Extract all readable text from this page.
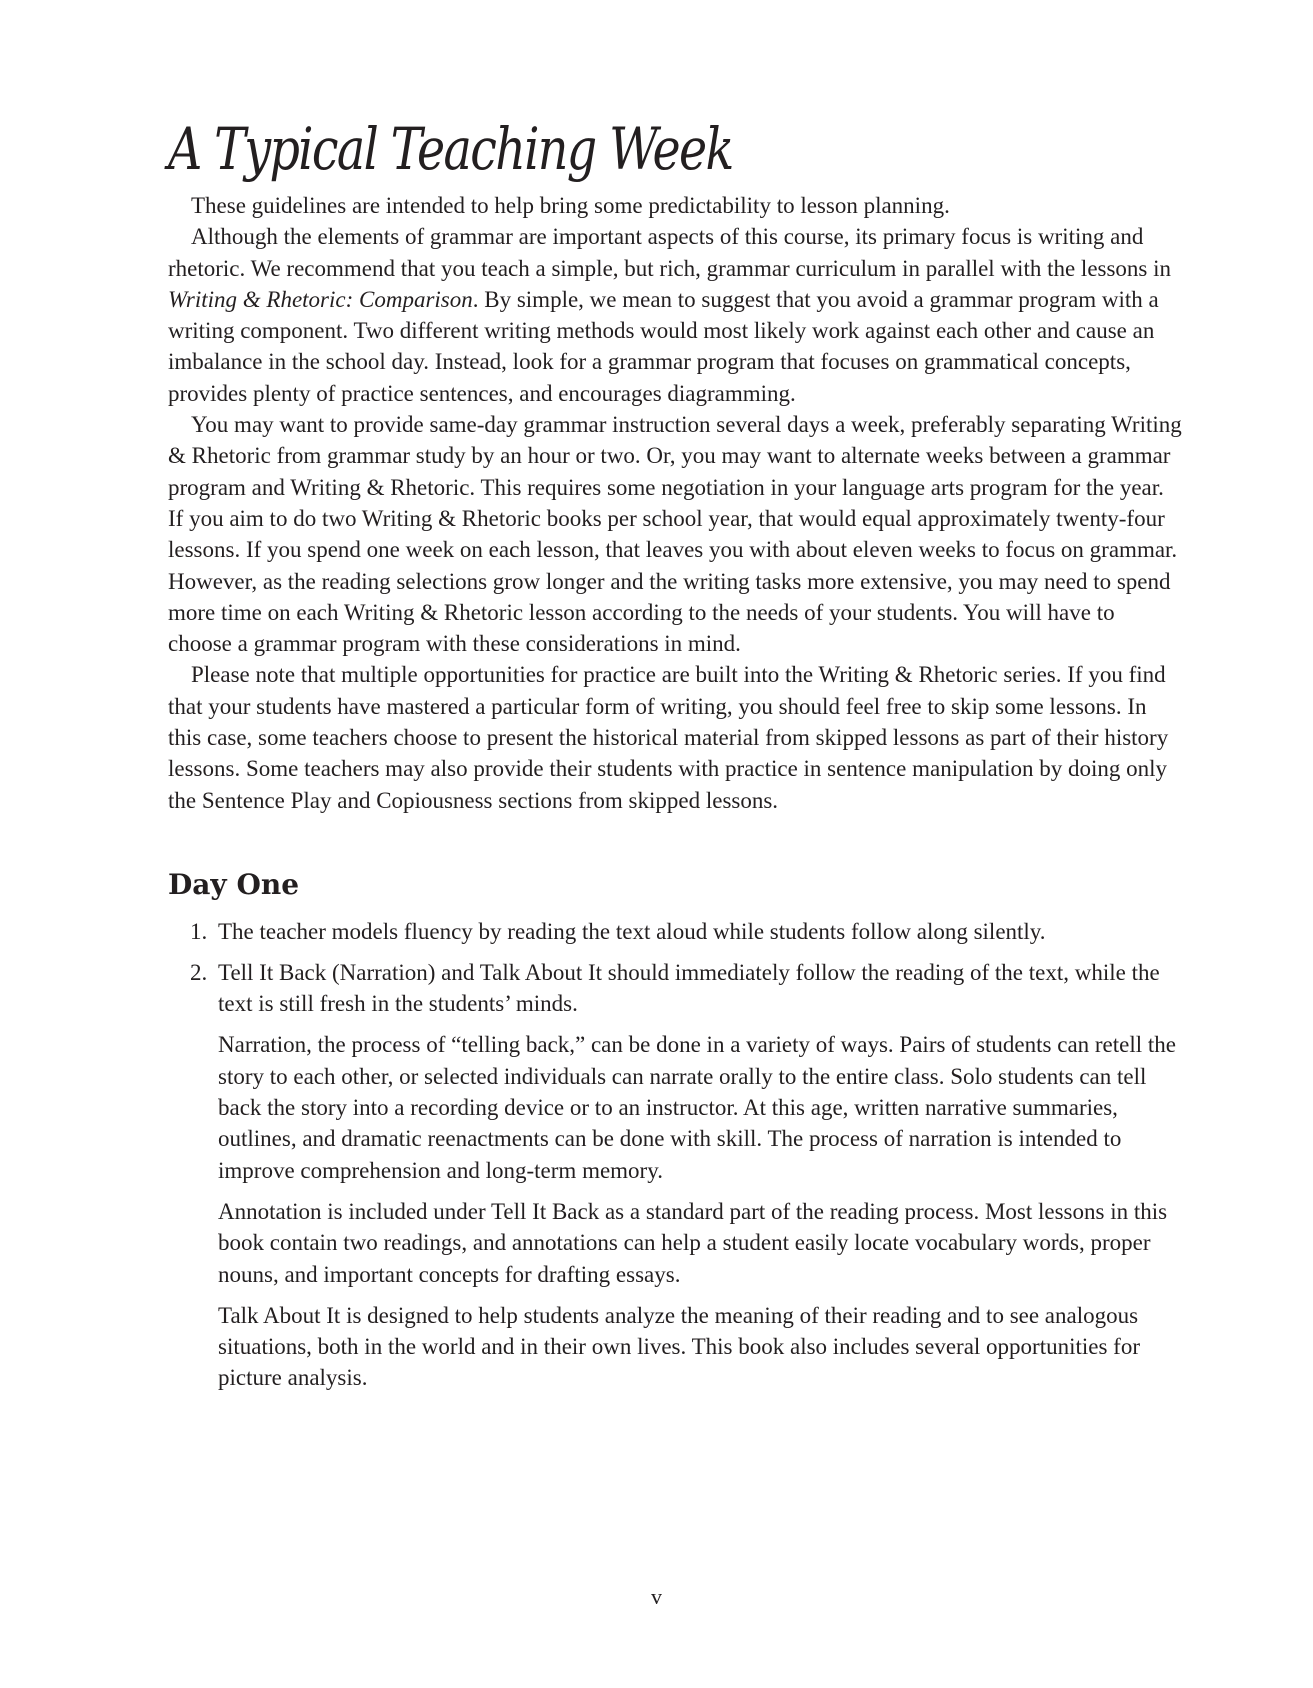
A Typical Teaching Week

These guidelines are intended to help bring some predictability to lesson planning.

Although the elements of grammar are important aspects of this course, its primary focus is writing and rhetoric. We recommend that you teach a simple, but rich, grammar curriculum in parallel with the lessons in Writing & Rhetoric: Comparison. By simple, we mean to suggest that you avoid a grammar program with a writing component. Two different writing methods would most likely work against each other and cause an imbalance in the school day. Instead, look for a grammar program that focuses on grammatical concepts, provides plenty of practice sentences, and encourages diagramming.

You may want to provide same-day grammar instruction several days a week, preferably separating Writing & Rhetoric from grammar study by an hour or two. Or, you may want to alternate weeks between a grammar program and Writing & Rhetoric. This requires some negotiation in your language arts program for the year. If you aim to do two Writing & Rhetoric books per school year, that would equal approximately twenty-four lessons. If you spend one week on each lesson, that leaves you with about eleven weeks to focus on grammar. However, as the reading selections grow longer and the writing tasks more extensive, you may need to spend more time on each Writing & Rhetoric lesson according to the needs of your students. You will have to choose a grammar program with these considerations in mind.

Please note that multiple opportunities for practice are built into the Writing & Rhetoric series. If you find that your students have mastered a particular form of writing, you should feel free to skip some lessons. In this case, some teachers choose to present the historical material from skipped lessons as part of their history lessons. Some teachers may also provide their students with practice in sentence manipulation by doing only the Sentence Play and Copiousness sections from skipped lessons.

Day One
1. The teacher models fluency by reading the text aloud while students follow along silently.
2. Tell It Back (Narration) and Talk About It should immediately follow the reading of the text, while the text is still fresh in the students’ minds.

Narration, the process of “telling back,” can be done in a variety of ways. Pairs of students can retell the story to each other, or selected individuals can narrate orally to the entire class. Solo students can tell back the story into a recording device or to an instructor. At this age, written narrative summaries, outlines, and dramatic reenactments can be done with skill. The process of narration is intended to improve comprehension and long-term memory.

Annotation is included under Tell It Back as a standard part of the reading process. Most lessons in this book contain two readings, and annotations can help a student easily locate vocabulary words, proper nouns, and important concepts for drafting essays.

Talk About It is designed to help students analyze the meaning of their reading and to see analogous situations, both in the world and in their own lives. This book also includes several opportunities for picture analysis.

v
